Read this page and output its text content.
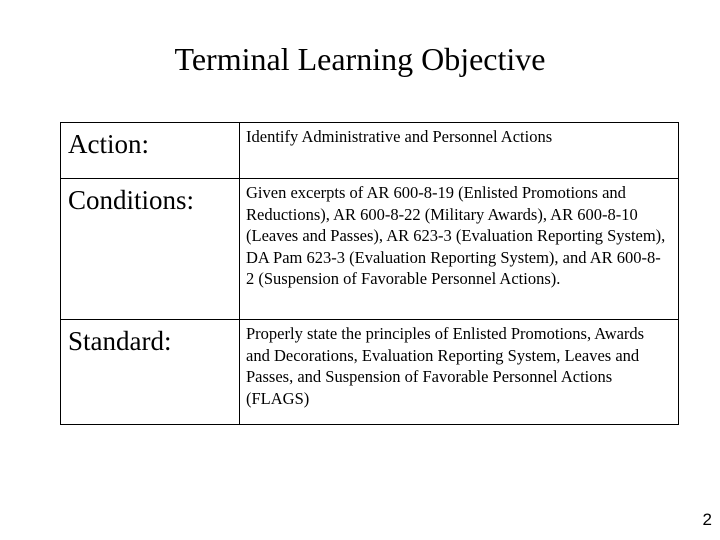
Terminal Learning Objective
Action:	Identify Administrative and Personnel Actions

Conditions:	Given excerpts of AR 600-8-19 (Enlisted Promotions and Reductions), AR 600-8-22 (Military Awards), AR 600-8-10 (Leaves and Passes), AR 623-3 (Evaluation Reporting System), DA Pam 623-3 (Evaluation Reporting System), and AR 600-8-2 (Suspension of Favorable Personnel Actions).

Standard:	Properly state the principles of Enlisted Promotions, Awards and Decorations, Evaluation Reporting System, Leaves and Passes, and Suspension of Favorable Personnel Actions (FLAGS)
2
